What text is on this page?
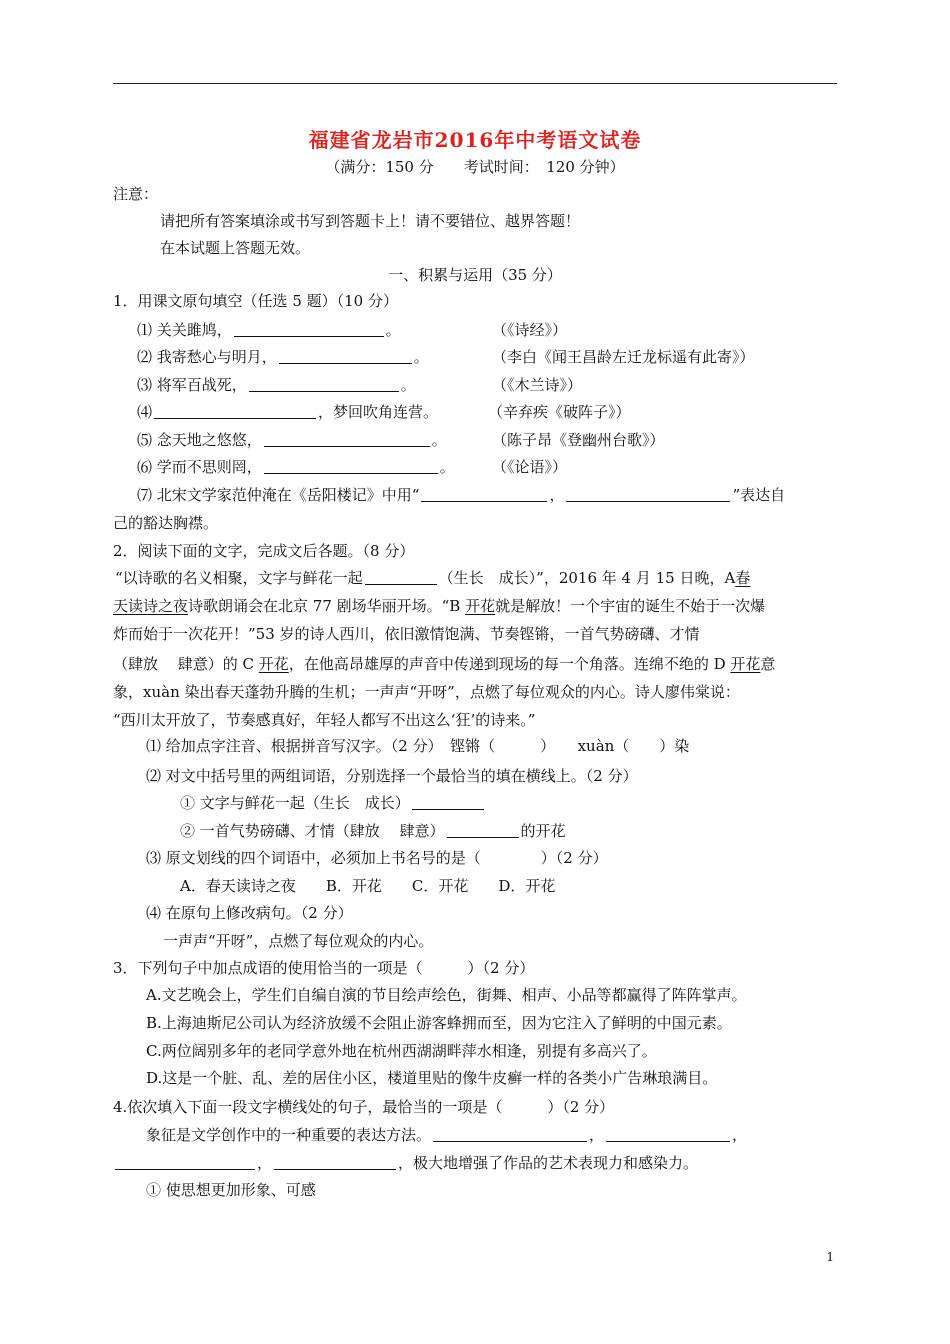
福建省龙岩市2016年中考语文试卷
（满分：150 分　　考试时间：　120 分钟）
注意：
请把所有答案填涂或书写到答题卡上！请不要错位、越界答题！
在本试题上答题无效。
一、积累与运用（35 分）
1．用课文原句填空（任选 5 题）（10 分）
⑴ 关关雎鸠，	。	（《诗经》）
⑵ 我寄愁心与明月，	。	（李白《闻王昌龄左迁龙标遥有此寄》）
⑶ 将军百战死，	。	（《木兰诗》）
⑷	，梦回吹角连营。	（辛弃疾《破阵子》）
⑸ 念天地之悠悠，	。	（陈子昂《登幽州台歌》）
⑹ 学而不思则罔，	。 （《论语》）
⑺ 北宋文学家范仲淹在《岳阳楼记》中用“	，	”表达自
己的豁达胸襟。
2．阅读下面的文字，完成文后各题。（8 分）
“以诗歌的名义相聚，文字与鲜花一起	（生长　成长）”，2016 年 4 月 15 日晚，A春
天读诗之夜诗歌朗诵会在北京 77 剧场华丽开场。“B 开花就是解放！一个宇宙的诞生不始于一次爆
炸而始于一次花开！”53 岁的诗人西川，依旧激情饱满、节奏铿锵，一首气势磅礴、才情
（肆放　 肆意）的 C 开花，在他高昂雄厚的声音中传递到现场的每一个角落。连绵不绝的 D 开花意
象，xuàn 染出春天蓬勃升腾的生机；一声声“开呀”，点燃了每位观众的内心。诗人廖伟棠说：
“西川太开放了，节奏感真好，年轻人都写不出这么‘狂’的诗来。”
⑴ 给加点字注音、根据拼音写汉字。（2 分）　铿锵（　　　）　　xuàn（　　）染
⑵ 对文中括号里的两组词语，分别选择一个最恰当的填在横线上。（2 分）
① 文字与鲜花一起（生长　成长）
② 一首气势磅礴、才情（肆放　 肆意）	的开花
⑶ 原文划线的四个词语中，必须加上书名号的是（　　　　）（2 分）
A．春天读诗之夜　　B．开花　　C．开花　　D．开花
⑷ 在原句上修改病句。（2 分）
一声声“开呀”，点燃了每位观众的内心。
3．下列句子中加点成语的使用恰当的一项是（　　　）（2 分）
A.文艺晚会上，学生们自编自演的节目绘声绘色，街舞、相声、小品等都赢得了阵阵掌声。
B.上海迪斯尼公司认为经济放缓不会阻止游客蜂拥而至，因为它注入了鲜明的中国元素。
C.两位阔别多年的老同学意外地在杭州西湖湖畔萍水相逢，别提有多高兴了。
D.这是一个脏、乱、差的居住小区，楼道里贴的像牛皮癣一样的各类小广告琳琅满目。
4.依次填入下面一段文字横线处的句子，最恰当的一项是（　　　）（2 分）
象征是文学创作中的一种重要的表达方法。	，	，
，	，极大地增强了作品的艺术表现力和感染力。
① 使思想更加形象、可感
1
